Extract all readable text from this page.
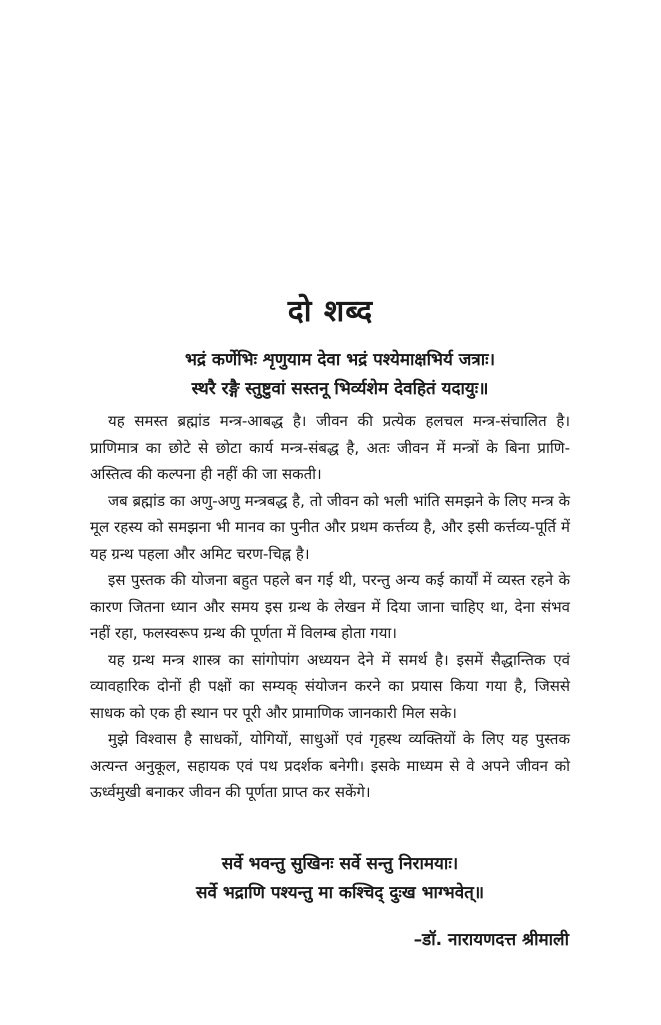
दो शब्द
भद्रं कर्णेभिः शृणुयाम देवा भद्रं पश्येमाक्षभिर्य जत्राः।
स्थरै रङ्गै स्तुष्टुवां सस्तनू भिर्व्यशेम देवहितं यदायुः॥

यह समस्त ब्रह्मांड मन्त्र-आबद्ध है। जीवन की प्रत्येक हलचल मन्त्र-संचालित है। प्राणिमात्र का छोटे से छोटा कार्य मन्त्र-संबद्ध है, अतः जीवन में मन्त्रों के बिना प्राणि-अस्तित्व की कल्पना ही नहीं की जा सकती।

जब ब्रह्मांड का अणु-अणु मन्त्रबद्ध है, तो जीवन को भली भांति समझने के लिए मन्त्र के मूल रहस्य को समझना भी मानव का पुनीत और प्रथम कर्त्तव्य है, और इसी कर्त्तव्य-पूर्ति में यह ग्रन्थ पहला और अमिट चरण-चिह्न है।

इस पुस्तक की योजना बहुत पहले बन गई थी, परन्तु अन्य कई कार्यों में व्यस्त रहने के कारण जितना ध्यान और समय इस ग्रन्थ के लेखन में दिया जाना चाहिए था, देना संभव नहीं रहा, फलस्वरूप ग्रन्थ की पूर्णता में विलम्ब होता गया।

यह ग्रन्थ मन्त्र शास्त्र का सांगोपांग अध्ययन देने में समर्थ है। इसमें सैद्धान्तिक एवं व्यावहारिक दोनों ही पक्षों का सम्यक् संयोजन करने का प्रयास किया गया है, जिससे साधक को एक ही स्थान पर पूरी और प्रामाणिक जानकारी मिल सके।

मुझे विश्वास है साधकों, योगियों, साधुओं एवं गृहस्थ व्यक्तियों के लिए यह पुस्तक अत्यन्त अनुकूल, सहायक एवं पथ प्रदर्शक बनेगी। इसके माध्यम से वे अपने जीवन को ऊर्ध्वमुखी बनाकर जीवन की पूर्णता प्राप्त कर सकेंगे।

सर्वे भवन्तु सुखिनः सर्वे सन्तु निरामयाः।
सर्वे भद्राणि पश्यन्तु मा कश्चिद् दुःख भाग्भवेत्॥
–डॉ. नारायणदत्त श्रीमाली
